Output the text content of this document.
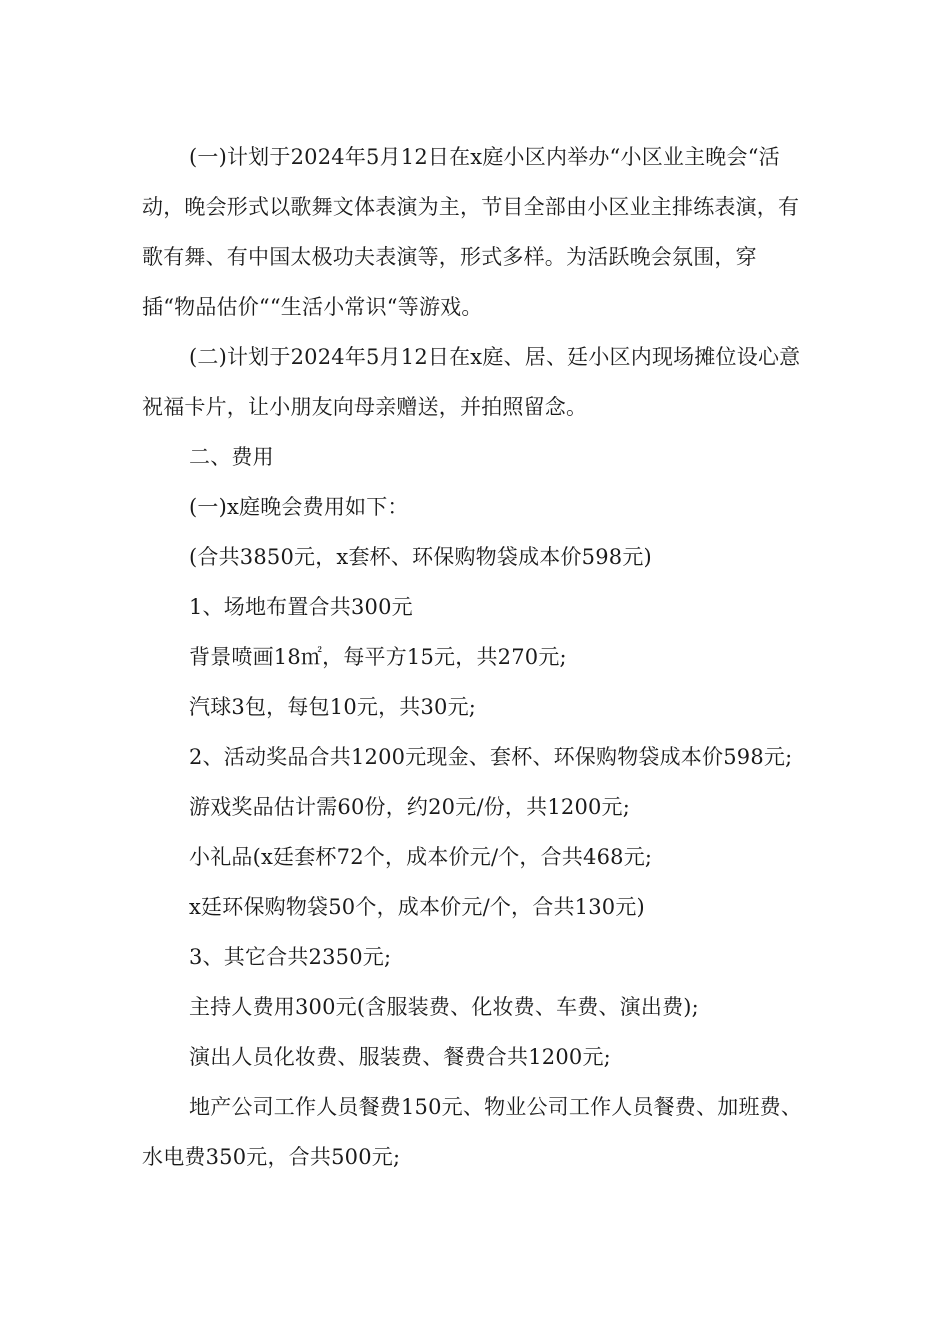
(一)计划于2024年5月12日在x庭小区内举办“小区业主晚会“活动，晚会形式以歌舞文体表演为主，节目全部由小区业主排练表演，有歌有舞、有中国太极功夫表演等，形式多样。为活跃晚会氛围，穿插“物品估价““生活小常识“等游戏。

(二)计划于2024年5月12日在x庭、居、廷小区内现场摊位设心意祝福卡片，让小朋友向母亲赠送，并拍照留念。

二、费用

(一)x庭晚会费用如下：

(合共3850元，x套杯、环保购物袋成本价598元)

1、场地布置合共300元

背景喷画18㎡，每平方15元，共270元;

汽球3包，每包10元，共30元;

2、活动奖品合共1200元现金、套杯、环保购物袋成本价598元;

游戏奖品估计需60份，约20元/份，共1200元;

小礼品(x廷套杯72个，成本价元/个，合共468元;

x廷环保购物袋50个，成本价元/个，合共130元)

3、其它合共2350元;

主持人费用300元(含服装费、化妆费、车费、演出费);

演出人员化妆费、服装费、餐费合共1200元;

地产公司工作人员餐费150元、物业公司工作人员餐费、加班费、水电费350元，合共500元;
